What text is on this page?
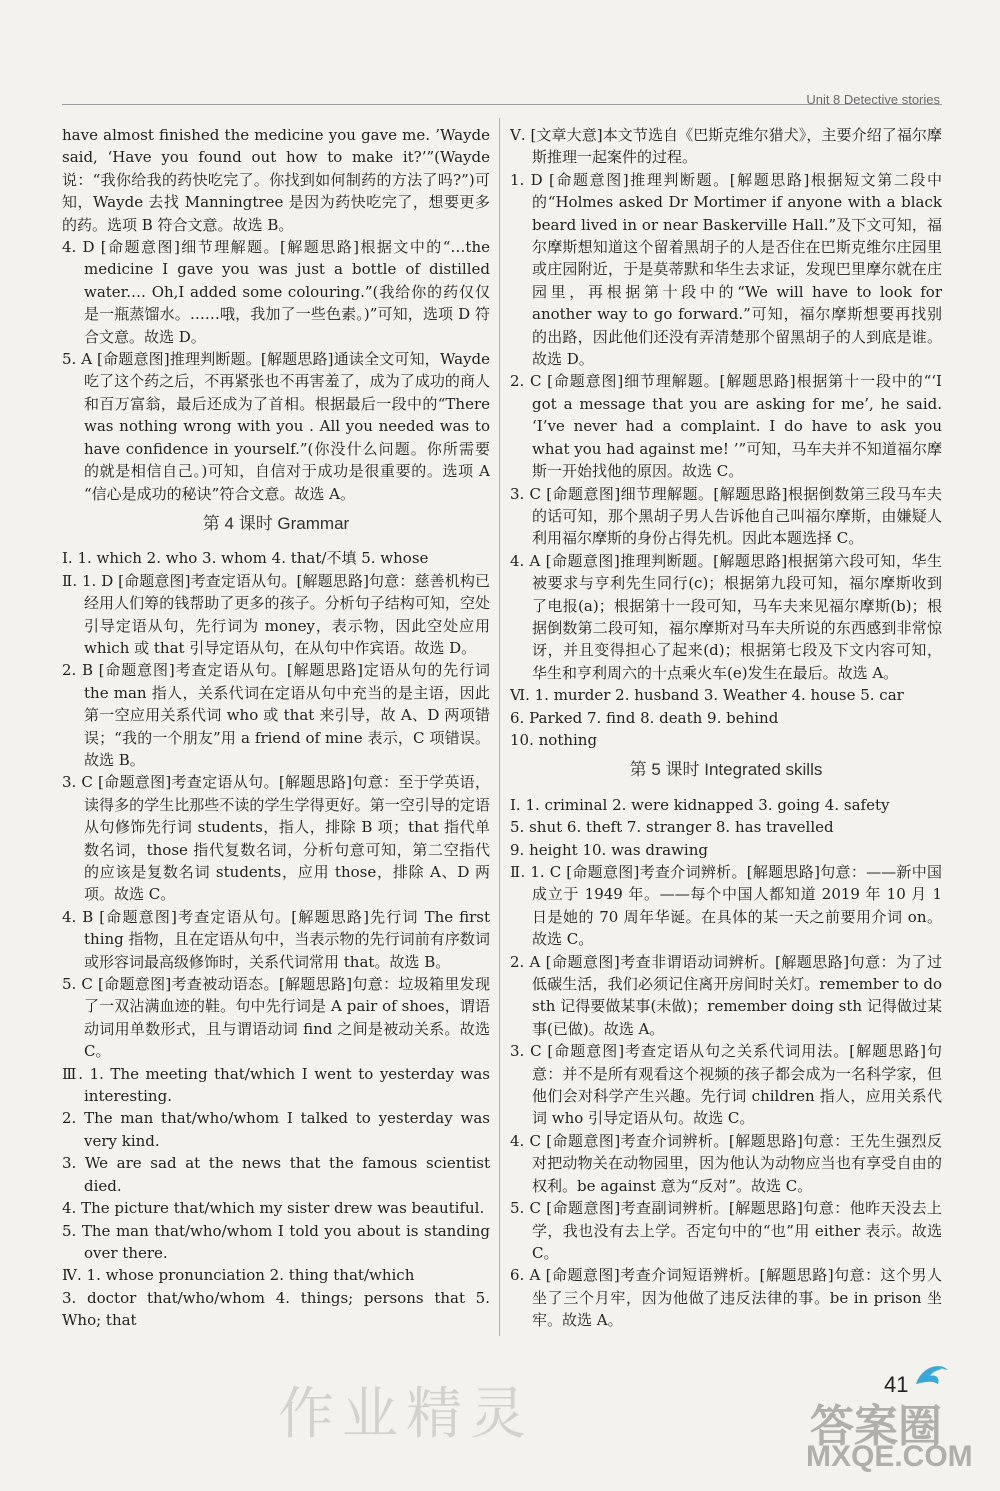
Unit 8 Detective stories

have almost finished the medicine you gave me. ’Wayde said, ‘Have you found out how to make it?’”(Wayde 说：“我你给我的药快吃完了。你找到如何制药的方法了吗?”)可知，Wayde 去找 Manningtree 是因为药快吃完了，想要更多的药。选项 B 符合文意。故选 B。

4. D [命题意图]细节理解题。[解题思路]根据文中的“…the medicine I gave you was just a bottle of distilled water.… Oh,I added some colouring.”(我给你的药仅仅是一瓶蒸馏水。……哦，我加了一些色素。)”可知，选项 D 符合文意。故选 D。

5. A [命题意图]推理判断题。[解题思路]通读全文可知，Wayde 吃了这个药之后，不再紧张也不再害羞了，成为了成功的商人和百万富翁，最后还成为了首相。根据最后一段中的“There was nothing wrong with you . All you needed was to have confidence in yourself.”(你没什么问题。你所需要的就是相信自己。)可知，自信对于成功是很重要的。选项 A “信心是成功的秘诀”符合文意。故选 A。

第 4 课时 Grammar

Ⅰ. 1. which 2. who 3. whom 4. that/不填 5. whose

Ⅱ. 1. D [命题意图]考查定语从句。[解题思路]句意：慈善机构已经用人们筹的钱帮助了更多的孩子。分析句子结构可知，空处引导定语从句，先行词为 money，表示物，因此空处应用 which 或 that 引导定语从句，在从句中作宾语。故选 D。

2. B [命题意图]考查定语从句。[解题思路]定语从句的先行词 the man 指人，关系代词在定语从句中充当的是主语，因此第一空应用关系代词 who 或 that 来引导，故 A、D 两项错误；“我的一个朋友”用 a friend of mine 表示，C 项错误。故选 B。

3. C [命题意图]考查定语从句。[解题思路]句意：至于学英语，读得多的学生比那些不读的学生学得更好。第一空引导的定语从句修饰先行词 students，指人，排除 B 项；that 指代单数名词，those 指代复数名词，分析句意可知，第二空指代的应该是复数名词 students，应用 those，排除 A、D 两项。故选 C。

4. B [命题意图]考查定语从句。[解题思路]先行词 The first thing 指物，且在定语从句中，当表示物的先行词前有序数词或形容词最高级修饰时，关系代词常用 that。故选 B。

5. C [命题意图]考查被动语态。[解题思路]句意：垃圾箱里发现了一双沾满血迹的鞋。句中先行词是 A pair of shoes，谓语动词用单数形式，且与谓语动词 find 之间是被动关系。故选 C。

Ⅲ. 1. The meeting that/which I went to yesterday was interesting.

2. The man that/who/whom I talked to yesterday was very kind.

3. We are sad at the news that the famous scientist died.

4. The picture that/which my sister drew was beautiful.

5. The man that/who/whom I told you about is standing over there.

Ⅳ. 1. whose pronunciation 2. thing that/which

3. doctor that/who/whom 4. things; persons that 5. Who; that

Ⅴ. [文章大意]本文节选自《巴斯克维尔猎犬》，主要介绍了福尔摩斯推理一起案件的过程。

1. D [命题意图]推理判断题。[解题思路]根据短文第二段中的“Holmes asked Dr Mortimer if anyone with a black beard lived in or near Baskerville Hall.”及下文可知，福尔摩斯想知道这个留着黑胡子的人是否住在巴斯克维尔庄园里或庄园附近，于是莫蒂默和华生去求证，发现巴里摩尔就在庄园里，再根据第十段中的“We will have to look for another way to go forward.”可知，福尔摩斯想要再找别的出路，因此他们还没有弄清楚那个留黑胡子的人到底是谁。故选 D。

2. C [命题意图]细节理解题。[解题思路]根据第十一段中的“‘I got a message that you are asking for me’, he said. ‘I’ve never had a complaint. I do have to ask you what you had against me! ’”可知，马车夫并不知道福尔摩斯一开始找他的原因。故选 C。

3. C [命题意图]细节理解题。[解题思路]根据倒数第三段马车夫的话可知，那个黑胡子男人告诉他自己叫福尔摩斯，由嫌疑人利用福尔摩斯的身份占得先机。因此本题选择 C。

4. A [命题意图]推理判断题。[解题思路]根据第六段可知，华生被要求与亨利先生同行(c)；根据第九段可知，福尔摩斯收到了电报(a)；根据第十一段可知，马车夫来见福尔摩斯(b)；根据倒数第二段可知，福尔摩斯对马车夫所说的东西感到非常惊讶，并且变得担心了起来(d)；根据第七段及下文内容可知，华生和亨利周六的十点乘火车(e)发生在最后。故选 A。

Ⅵ. 1. murder 2. husband 3. Weather 4. house 5. car

6. Parked 7. find 8. death 9. behind

10. nothing

第 5 课时 Integrated skills

Ⅰ. 1. criminal 2. were kidnapped 3. going 4. safety

5. shut 6. theft 7. stranger 8. has travelled

9. height 10. was drawing

Ⅱ. 1. C [命题意图]考查介词辨析。[解题思路]句意：——新中国成立于 1949 年。——每个中国人都知道 2019 年 10 月 1 日是她的 70 周年华诞。在具体的某一天之前要用介词 on。故选 C。

2. A [命题意图]考查非谓语动词辨析。[解题思路]句意：为了过低碳生活，我们必须记住离开房间时关灯。remember to do sth 记得要做某事(未做)；remember doing sth 记得做过某事(已做)。故选 A。

3. C [命题意图]考查定语从句之关系代词用法。[解题思路]句意：并不是所有观看这个视频的孩子都会成为一名科学家，但他们会对科学产生兴趣。先行词 children 指人，应用关系代词 who 引导定语从句。故选 C。

4. C [命题意图]考查介词辨析。[解题思路]句意：王先生强烈反对把动物关在动物园里，因为他认为动物应当也有享受自由的权利。be against 意为“反对”。故选 C。

5. C [命题意图]考查副词辨析。[解题思路]句意：他昨天没去上学，我也没有去上学。否定句中的“也”用 either 表示。故选 C。

6. A [命题意图]考查介词短语辨析。[解题思路]句意：这个男人坐了三个月牢，因为他做了违反法律的事。be in prison 坐牢。故选 A。

作业精灵	41
答案圈
MXQE.COM
